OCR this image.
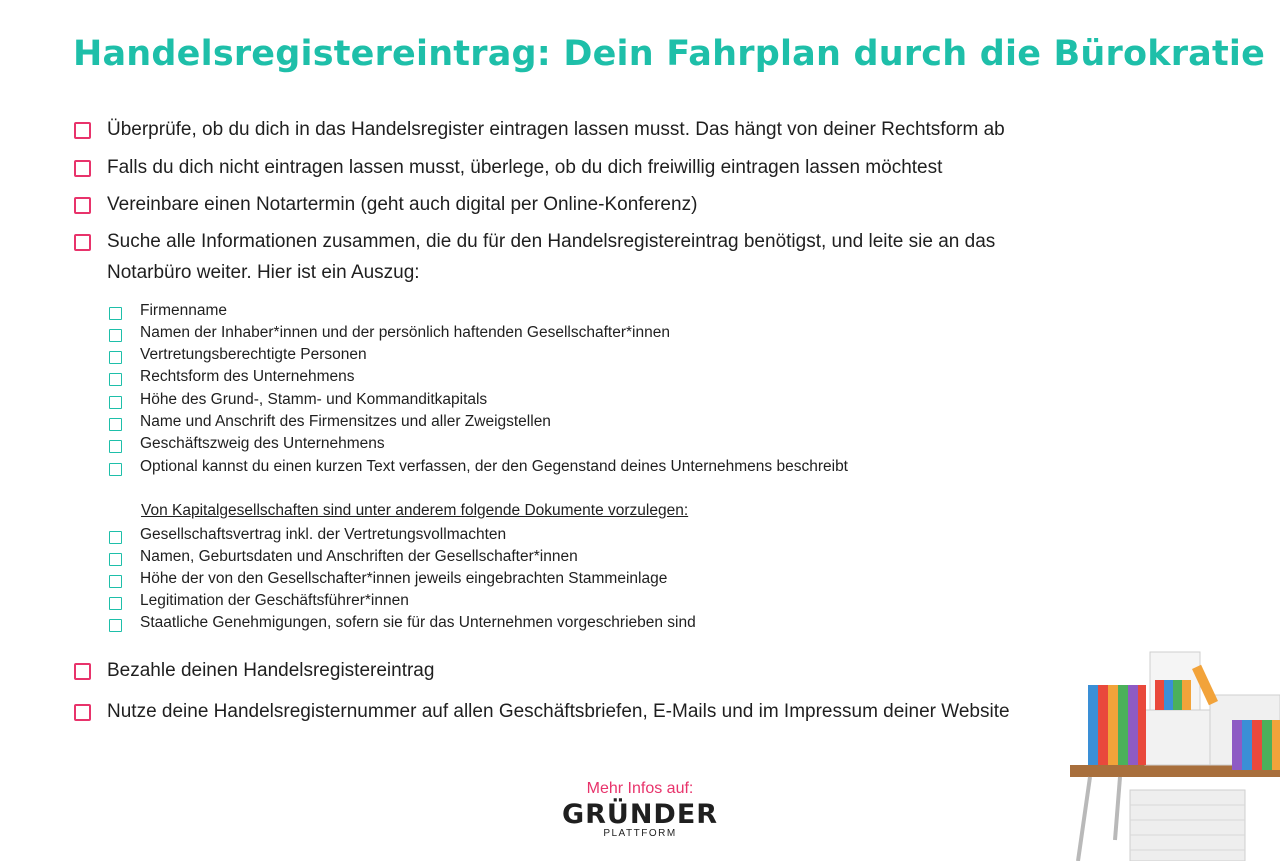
Handelsregistereintrag: Dein Fahrplan durch die Bürokratie
Überprüfe, ob du dich in das Handelsregister eintragen lassen musst. Das hängt von deiner Rechtsform ab
Falls du dich nicht eintragen lassen musst, überlege, ob du dich freiwillig eintragen lassen möchtest
Vereinbare einen Notartermin (geht auch digital per Online-Konferenz)
Suche alle Informationen zusammen, die du für den Handelsregistereintrag benötigst, und leite sie an das Notarbüro weiter. Hier ist ein Auszug:
Firmenname
Namen der Inhaber*innen und der persönlich haftenden Gesellschafter*innen
Vertretungsberechtigte Personen
Rechtsform des Unternehmens
Höhe des Grund-, Stamm- und Kommanditkapitals
Name und Anschrift des Firmensitzes und aller Zweigstellen
Geschäftszweig des Unternehmens
Optional kannst du einen kurzen Text verfassen, der den Gegenstand deines Unternehmens beschreibt
Von Kapitalgesellschaften sind unter anderem folgende Dokumente vorzulegen:
Gesellschaftsvertrag inkl. der Vertretungsvollmachten
Namen, Geburtsdaten und Anschriften der Gesellschafter*innen
Höhe der von den Gesellschafter*innen jeweils eingebrachten Stammeinlage
Legitimation der Geschäftsführer*innen
Staatliche Genehmigungen, sofern sie für das Unternehmen vorgeschrieben sind
Bezahle deinen Handelsregistereintrag
Nutze deine Handelsregisternummer auf allen Geschäftsbriefen, E-Mails und im Impressum deiner Website
Mehr Infos auf:
GRÜNDER
PLATTFORM
